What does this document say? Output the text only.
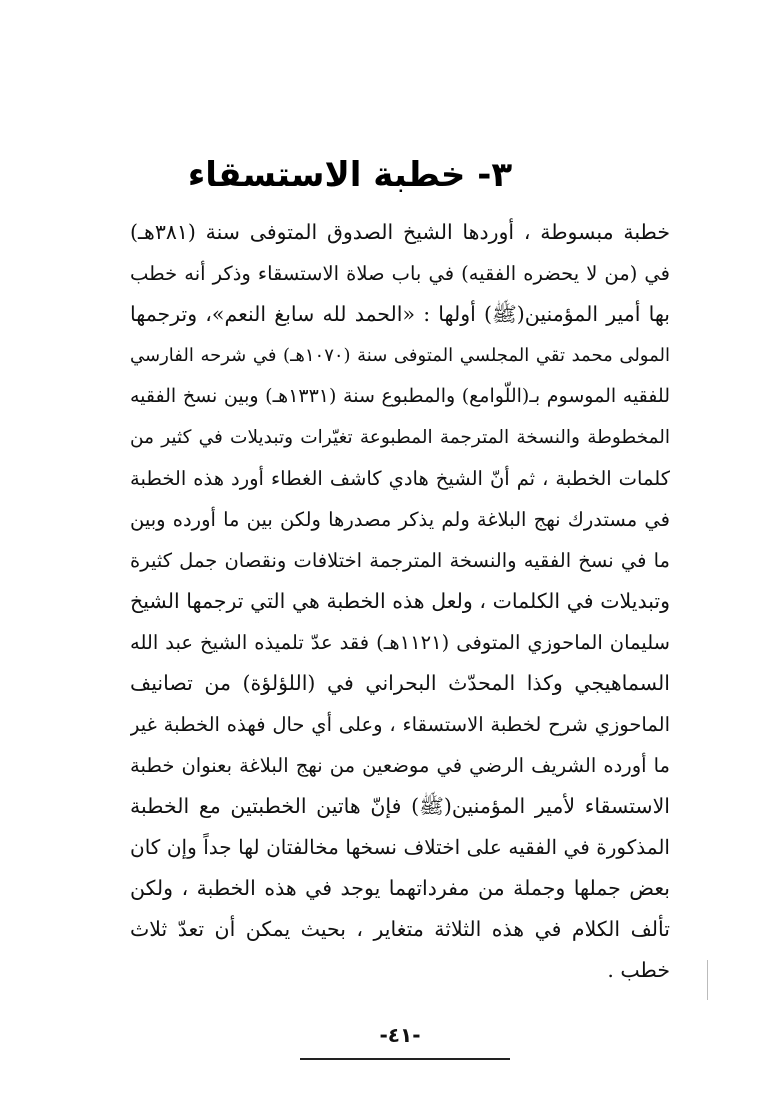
٣- خطبة الاستسقاء
خطبة مبسوطة ، أوردها الشيخ الصدوق المتوفى سنة (٣٨١هـ)
في (من لا يحضره الفقيه) في باب صلاة الاستسقاء وذكر أنه خطب
بها أمير المؤمنين(ﷺ) أولها : «الحمد لله سابغ النعم»، وترجمها
المولى محمد تقي المجلسي المتوفى سنة (١٠٧٠هـ) في شرحه الفارسي
للفقيه الموسوم بـ(اللّوامع) والمطبوع سنة (١٣٣١هـ) وبين نسخ الفقيه
المخطوطة والنسخة المترجمة المطبوعة تغيّرات وتبديلات في كثير من
كلمات الخطبة ، ثم أنّ الشيخ هادي كاشف الغطاء أورد هذه الخطبة
في مستدرك نهج البلاغة ولم يذكر مصدرها ولكن بين ما أورده وبين
ما في نسخ الفقيه والنسخة المترجمة اختلافات ونقصان جمل كثيرة
وتبديلات في الكلمات ، ولعل هذه الخطبة هي التي ترجمها الشيخ
سليمان الماحوزي المتوفى (١١٢١هـ) فقد عدّ تلميذه الشيخ عبد الله
السماهيجي وكذا المحدّث البحراني في (اللؤلؤة) من تصانيف
الماحوزي شرح لخطبة الاستسقاء ، وعلى أي حال فهذه الخطبة غير
ما أورده الشريف الرضي في موضعين من نهج البلاغة بعنوان خطبة
الاستسقاء لأمير المؤمنين(ﷺ) فإنّ هاتين الخطبتين مع الخطبة
المذكورة في الفقيه على اختلاف نسخها مخالفتان لها جداً وإن كان
بعض جملها وجملة من مفرداتهما يوجد في هذه الخطبة ، ولكن
تألف الكلام في هذه الثلاثة متغاير ، بحيث يمكن أن تعدّ ثلاث
خطب .
-٤١-
